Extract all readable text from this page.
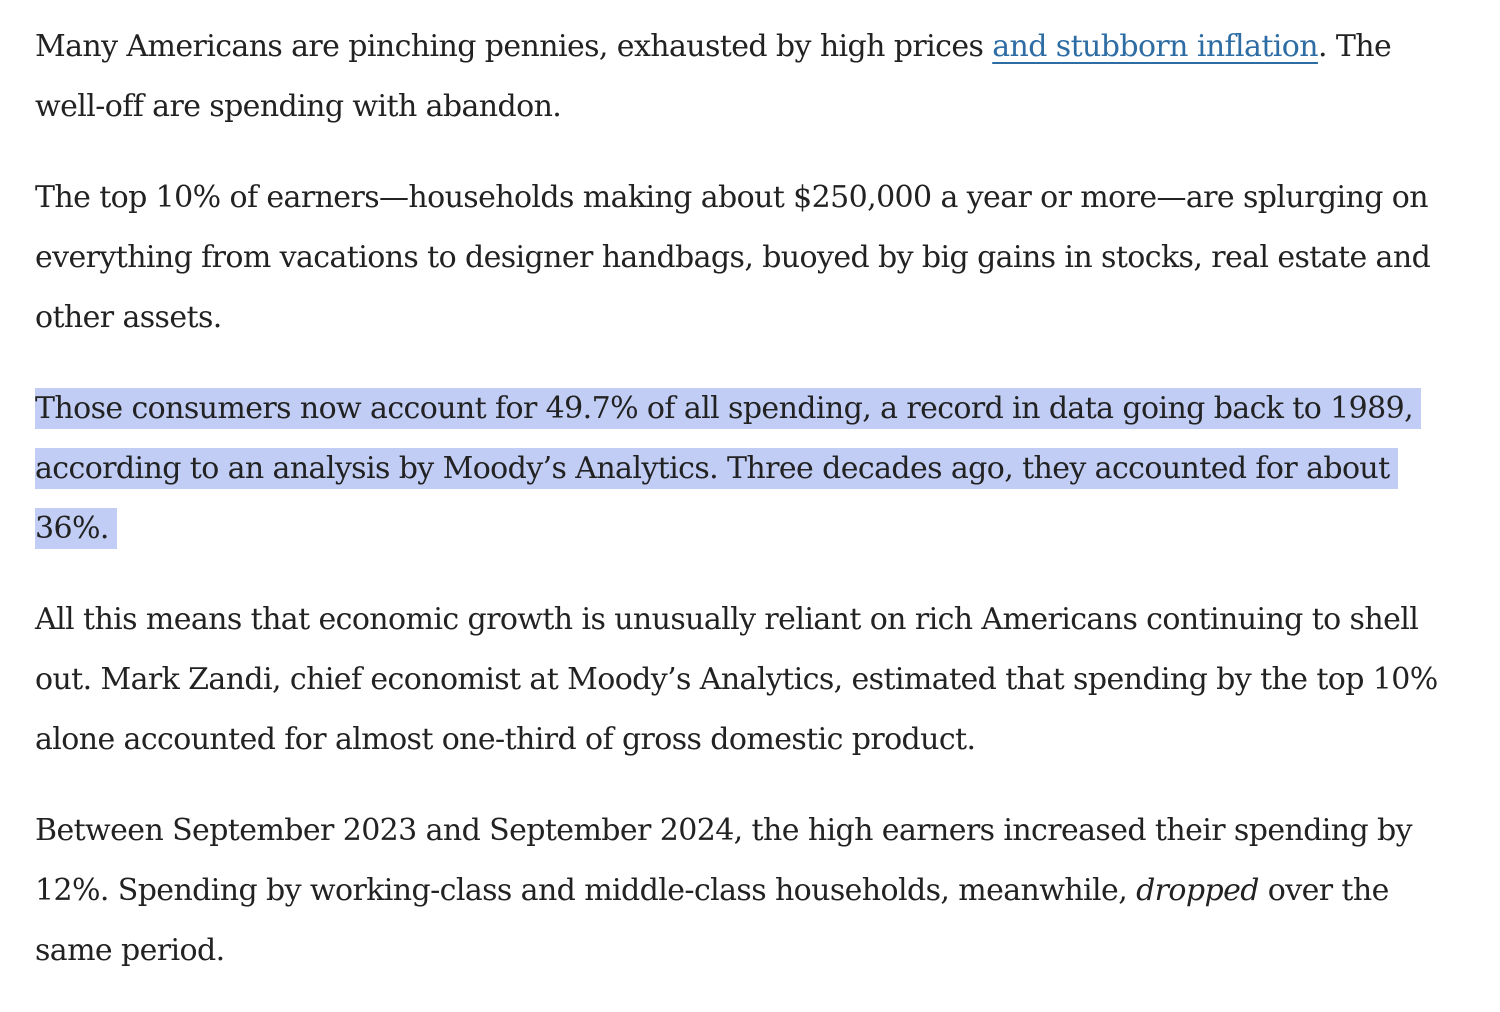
Many Americans are pinching pennies, exhausted by high prices and stubborn inflation. The well-off are spending with abandon.

The top 10% of earners—households making about $250,000 a year or more—are splurging on everything from vacations to designer handbags, buoyed by big gains in stocks, real estate and other assets.

Those consumers now account for 49.7% of all spending, a record in data going back to 1989, according to an analysis by Moody’s Analytics. Three decades ago, they accounted for about 36%.

All this means that economic growth is unusually reliant on rich Americans continuing to shell out. Mark Zandi, chief economist at Moody’s Analytics, estimated that spending by the top 10% alone accounted for almost one-third of gross domestic product.

Between September 2023 and September 2024, the high earners increased their spending by 12%. Spending by working-class and middle-class households, meanwhile, dropped over the same period.
